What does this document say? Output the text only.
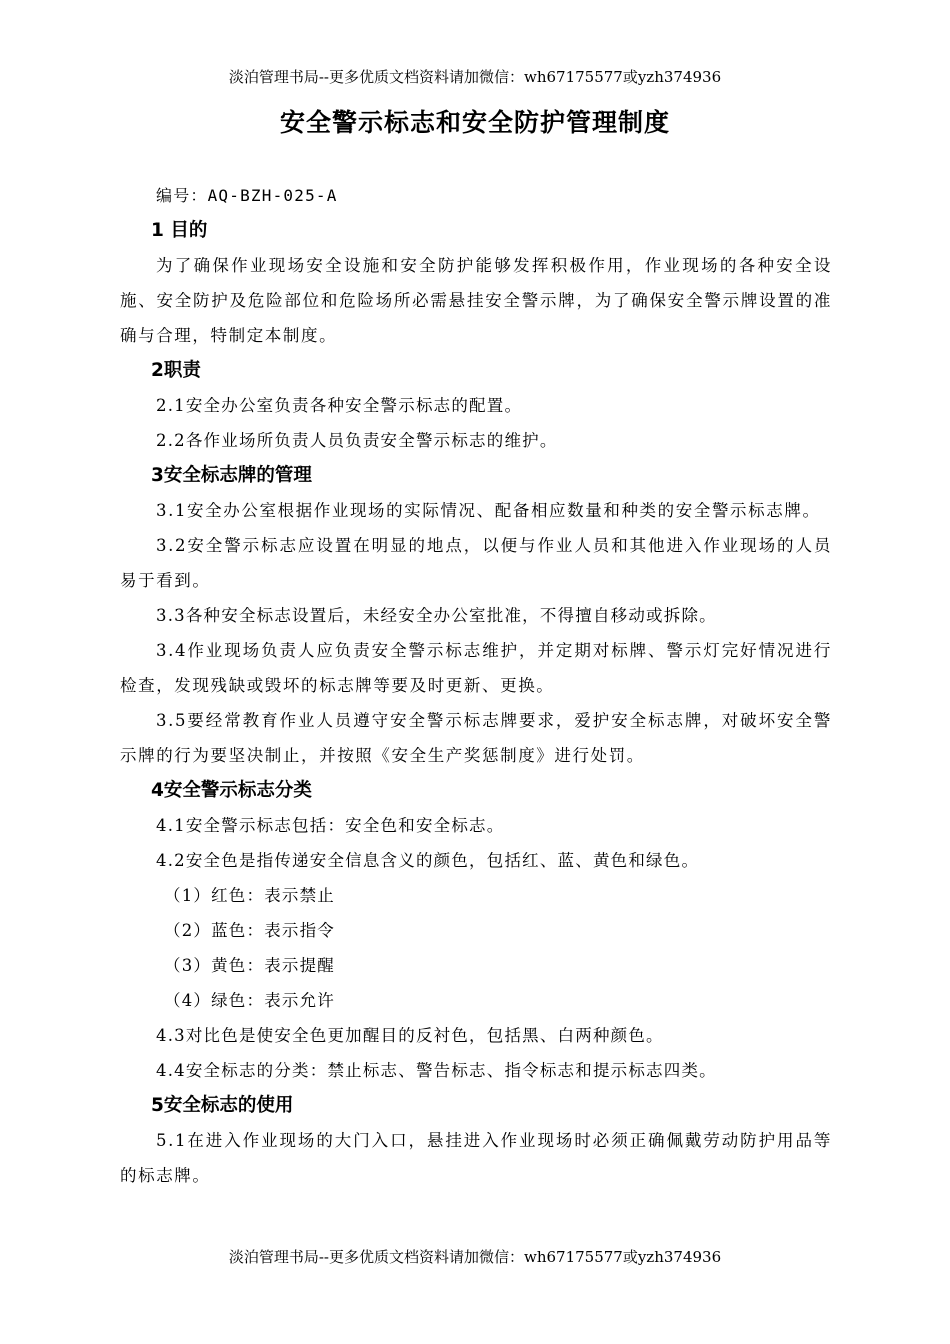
淡泊管理书局--更多优质文档资料请加微信：wh67175577或yzh374936
安全警示标志和安全防护管理制度
编号：AQ-BZH-025-A
1 目的
为了确保作业现场安全设施和安全防护能够发挥积极作用，作业现场的各种安全设施、安全防护及危险部位和危险场所必需悬挂安全警示牌，为了确保安全警示牌设置的准确与合理，特制定本制度。
2职责
2.1安全办公室负责各种安全警示标志的配置。
2.2各作业场所负责人员负责安全警示标志的维护。
3安全标志牌的管理
3.1安全办公室根据作业现场的实际情况、配备相应数量和种类的安全警示标志牌。
3.2安全警示标志应设置在明显的地点，以便与作业人员和其他进入作业现场的人员易于看到。
3.3各种安全标志设置后，未经安全办公室批准，不得擅自移动或拆除。
3.4作业现场负责人应负责安全警示标志维护，并定期对标牌、警示灯完好情况进行检查，发现残缺或毁坏的标志牌等要及时更新、更换。
3.5要经常教育作业人员遵守安全警示标志牌要求，爱护安全标志牌，对破坏安全警示牌的行为要坚决制止，并按照《安全生产奖惩制度》进行处罚。
4安全警示标志分类
4.1安全警示标志包括：安全色和安全标志。
4.2安全色是指传递安全信息含义的颜色，包括红、蓝、黄色和绿色。
（1）红色：表示禁止
（2）蓝色：表示指令
（3）黄色：表示提醒
（4）绿色：表示允许
4.3对比色是使安全色更加醒目的反衬色，包括黑、白两种颜色。
4.4安全标志的分类：禁止标志、警告标志、指令标志和提示标志四类。
5安全标志的使用
5.1在进入作业现场的大门入口，悬挂进入作业现场时必须正确佩戴劳动防护用品等的标志牌。
淡泊管理书局--更多优质文档资料请加微信：wh67175577或yzh374936
